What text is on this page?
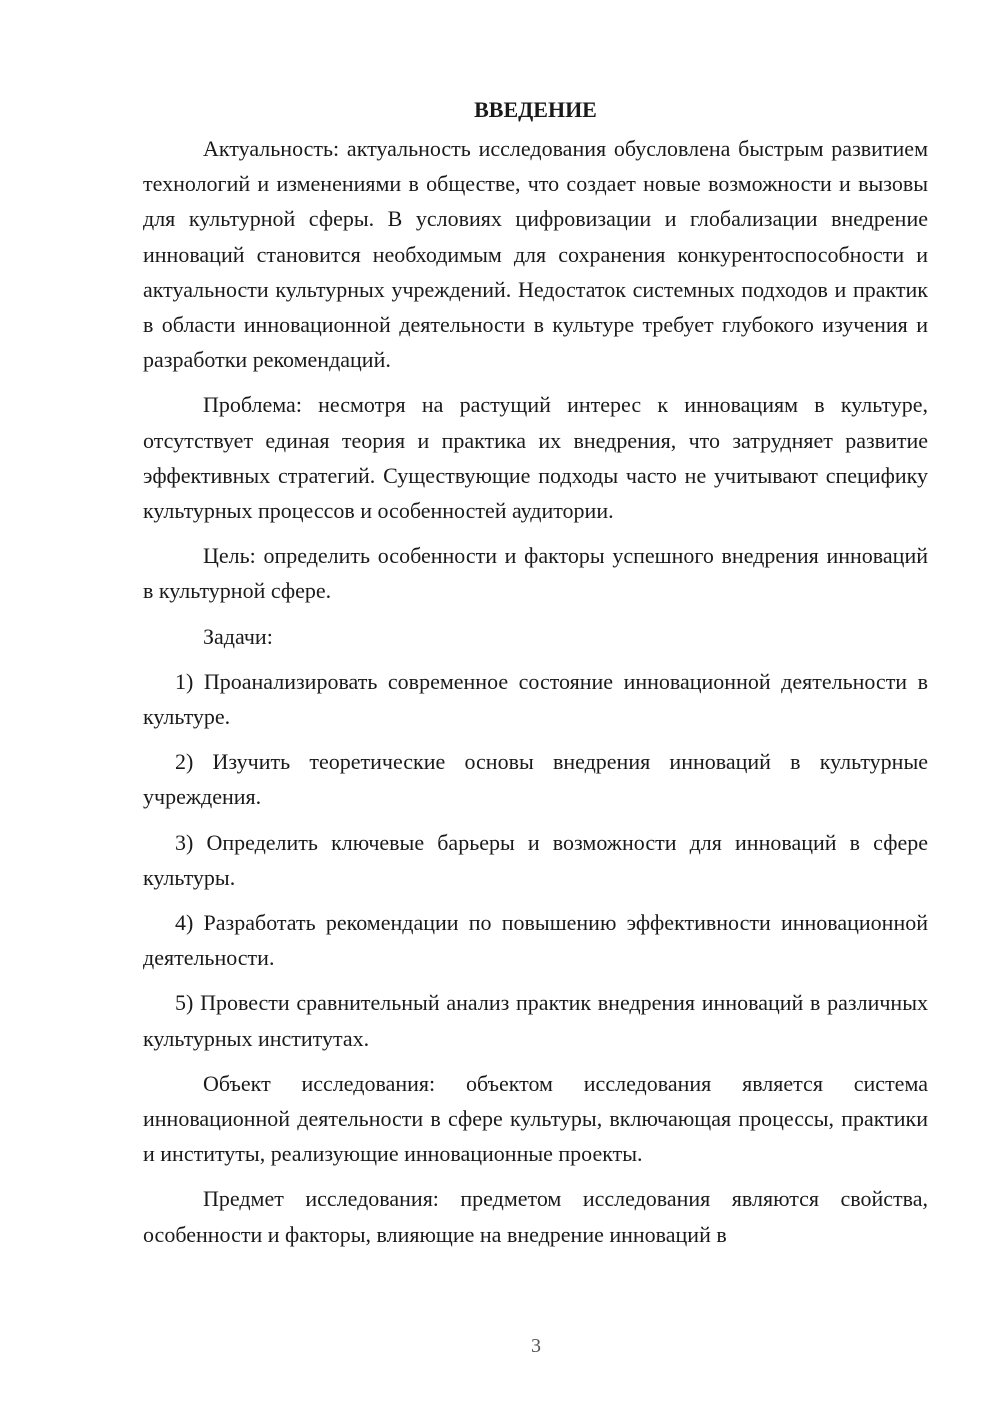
ВВЕДЕНИЕ

Актуальность: актуальность исследования обусловлена быстрым развитием технологий и изменениями в обществе, что создает новые возможности и вызовы для культурной сферы. В условиях цифровизации и глобализации внедрение инноваций становится необходимым для сохранения конкурентоспособности и актуальности культурных учреждений. Недостаток системных подходов и практик в области инновационной деятельности в культуре требует глубокого изучения и разработки рекомендаций.

Проблема: несмотря на растущий интерес к инновациям в культуре, отсутствует единая теория и практика их внедрения, что затрудняет развитие эффективных стратегий. Существующие подходы часто не учитывают специфику культурных процессов и особенностей аудитории.

Цель: определить особенности и факторы успешного внедрения инноваций в культурной сфере.

Задачи:

1) Проанализировать современное состояние инновационной деятельности в культуре.

2) Изучить теоретические основы внедрения инноваций в культурные учреждения.

3) Определить ключевые барьеры и возможности для инноваций в сфере культуры.

4) Разработать рекомендации по повышению эффективности инновационной деятельности.

5) Провести сравнительный анализ практик внедрения инноваций в различных культурных институтах.

Объект исследования: объектом исследования является система инновационной деятельности в сфере культуры, включающая процессы, практики и институты, реализующие инновационные проекты.

Предмет исследования: предметом исследования являются свойства, особенности и факторы, влияющие на внедрение инноваций в

3
